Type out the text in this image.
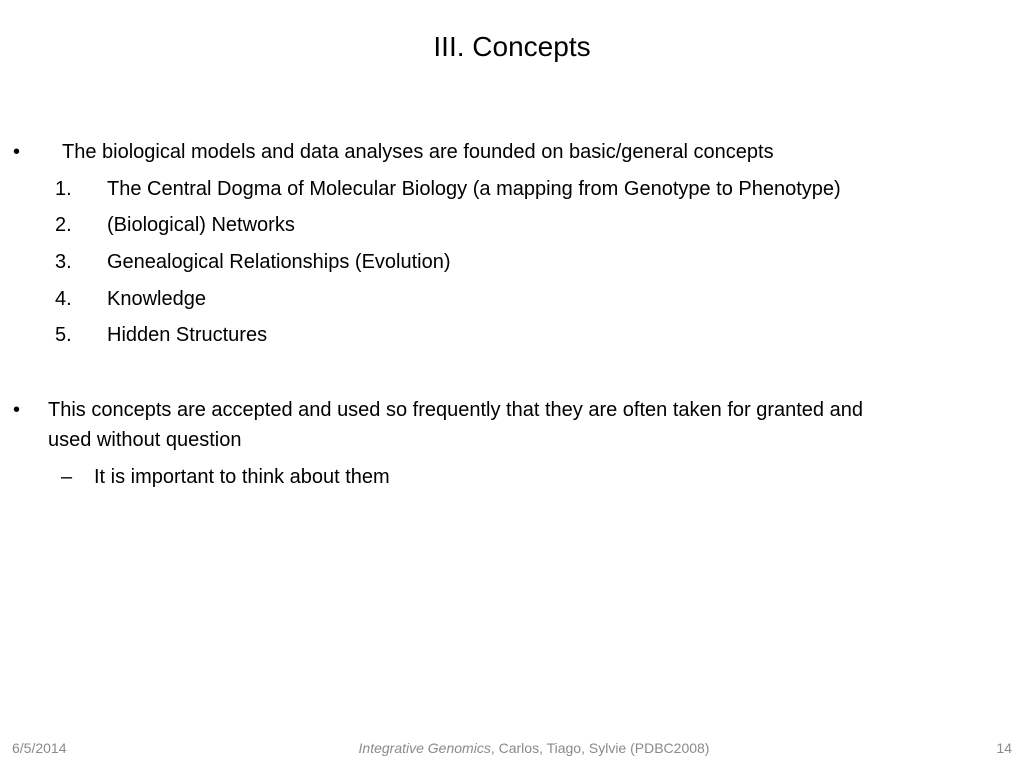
III. Concepts
• The biological models and data analyses are founded on basic/general concepts
1. The Central Dogma of Molecular Biology (a mapping from Genotype to Phenotype)
2. (Biological) Networks
3. Genealogical Relationships (Evolution)
4. Knowledge
5. Hidden Structures
• This concepts are accepted and used so frequently that they are often taken for granted and
used without question
– It is important to think about them
6/5/2014	Integrative Genomics, Carlos, Tiago, Sylvie (PDBC2008)	14
